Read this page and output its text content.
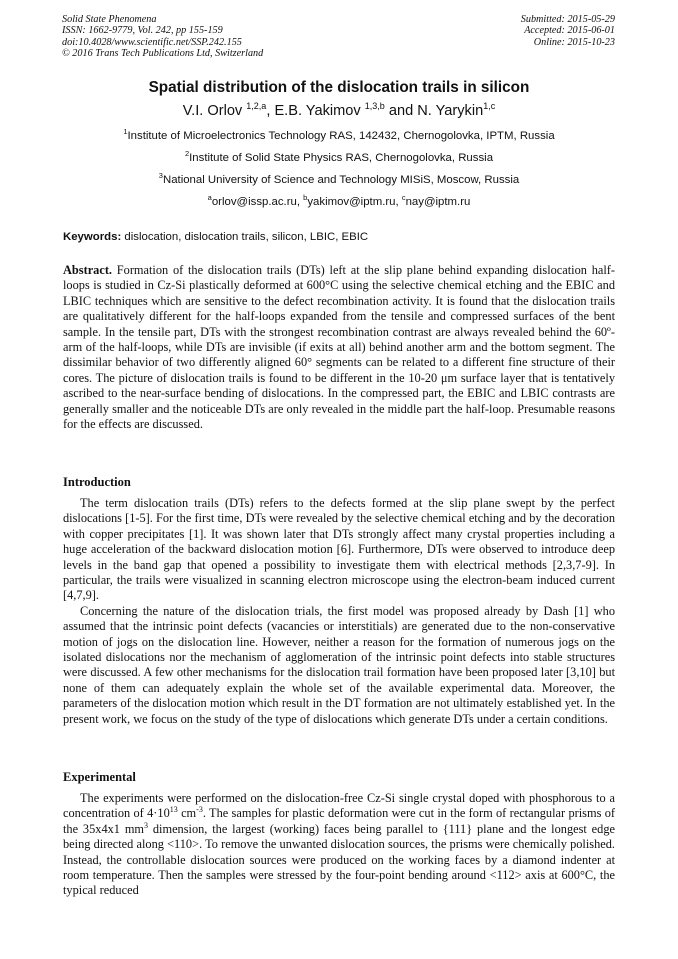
Solid State Phenomena
ISSN: 1662-9779, Vol. 242, pp 155-159
doi:10.4028/www.scientific.net/SSP.242.155
© 2016 Trans Tech Publications Ltd, Switzerland
Submitted: 2015-05-29
Accepted: 2015-06-01
Online: 2015-10-23
Spatial distribution of the dislocation trails in silicon
V.I. Orlov $^{1,2,a}$, E.B. Yakimov $^{1,3,b}$ and N. Yarykin$^{1,c}$
$^1$Institute of Microelectronics Technology RAS, 142432, Chernogolovka, IPTM, Russia
$^2$Institute of Solid State Physics RAS, Chernogolovka, Russia
$^3$National University of Science and Technology MISiS, Moscow, Russia
$^a$orlov@issp.ac.ru, $^b$yakimov@iptm.ru, $^c$nay@iptm.ru
Keywords: dislocation, dislocation trails, silicon, LBIC, EBIC
Abstract. Formation of the dislocation trails (DTs) left at the slip plane behind expanding dislocation half-loops is studied in Cz-Si plastically deformed at 600°C using the selective chemical etching and the EBIC and LBIC techniques which are sensitive to the defect recombination activity. It is found that the dislocation trails are qualitatively different for the half-loops expanded from the tensile and compressed surfaces of the bent sample. In the tensile part, DTs with the strongest recombination contrast are always revealed behind the 60º-arm of the half-loops, while DTs are invisible (if exits at all) behind another arm and the bottom segment. The dissimilar behavior of two differently aligned 60° segments can be related to a different fine structure of their cores. The picture of dislocation trails is found to be different in the 10-20 μm surface layer that is tentatively ascribed to the near-surface bending of dislocations. In the compressed part, the EBIC and LBIC contrasts are generally smaller and the noticeable DTs are only revealed in the middle part the half-loop. Presumable reasons for the effects are discussed.
Introduction

The term dislocation trails (DTs) refers to the defects formed at the slip plane swept by the perfect dislocations [1-5]. For the first time, DTs were revealed by the selective chemical etching and by the decoration with copper precipitates [1]. It was shown later that DTs strongly affect many crystal properties including a huge acceleration of the backward dislocation motion [6]. Furthermore, DTs were observed to introduce deep levels in the band gap that opened a possibility to investigate them with electrical methods [2,3,7-9]. In particular, the trails were visualized in scanning electron microscope using the electron-beam induced current [4,7,9].

Concerning the nature of the dislocation trials, the first model was proposed already by Dash [1] who assumed that the intrinsic point defects (vacancies or interstitials) are generated due to the non-conservative motion of jogs on the dislocation line. However, neither a reason for the formation of numerous jogs on the isolated dislocations nor the mechanism of agglomeration of the intrinsic point defects into stable structures were discussed. A few other mechanisms for the dislocation trail formation have been proposed later [3,10] but none of them can adequately explain the whole set of the available experimental data. Moreover, the parameters of the dislocation motion which result in the DT formation are not ultimately established yet. In the present work, we focus on the study of the type of dislocations which generate DTs under a certain conditions.

Experimental

The experiments were performed on the dislocation-free Cz-Si single crystal doped with phosphorous to a concentration of $4\cdot 10^{13}$ $cm^{-3}$. The samples for plastic deformation were cut in the form of rectangular prisms of the 35x4x1 $mm^3$ dimension, the largest (working) faces being parallel to {111} plane and the longest edge being directed along <110>. To remove the unwanted dislocation sources, the prisms were chemically polished. Instead, the controllable dislocation sources were produced on the working faces by a diamond indenter at room temperature. Then the samples were stressed by the four-point bending around <112> axis at 600°C, the typical reduced
